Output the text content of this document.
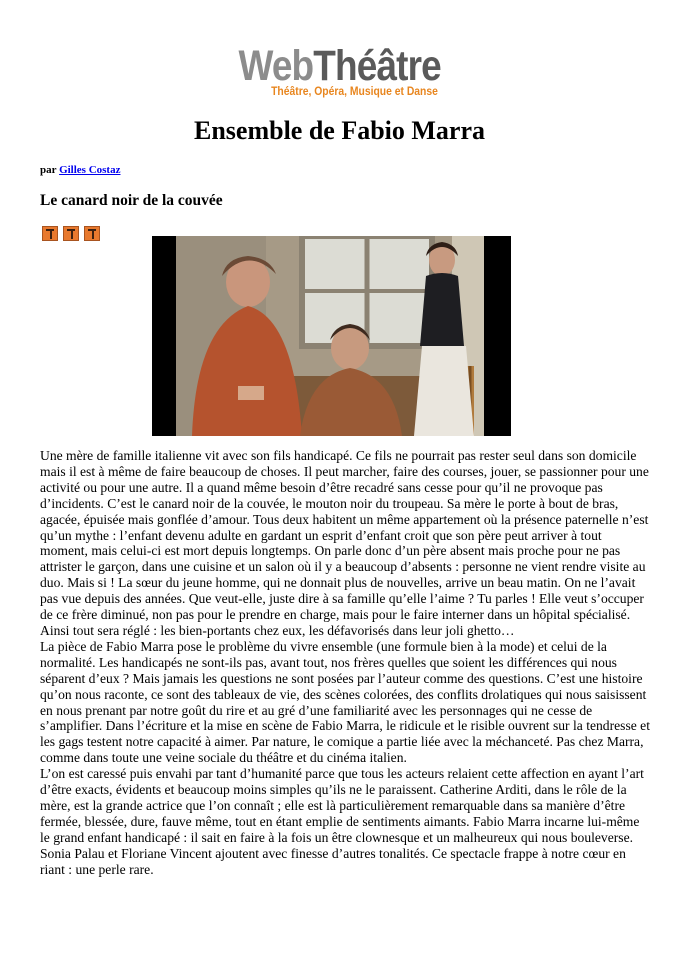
WebThéâtre
Théâtre, Opéra, Musique et Danse
Ensemble de Fabio Marra
par Gilles Costaz
Le canard noir de la couvée

Une mère de famille italienne vit avec son fils handicapé. Ce fils ne pourrait pas rester seul dans son domicile mais il est à même de faire beaucoup de choses. Il peut marcher, faire des courses, jouer, se passionner pour une activité ou pour une autre. Il a quand même besoin d’être recadré sans cesse pour qu’il ne provoque pas d’incidents. C’est le canard noir de la couvée, le mouton noir du troupeau. Sa mère le porte à bout de bras, agacée, épuisée mais gonflée d’amour. Tous deux habitent un même appartement où la présence paternelle n’est qu’un mythe : l’enfant devenu adulte en gardant un esprit d’enfant croit que son père peut arriver à tout moment, mais celui-ci est mort depuis longtemps. On parle donc d’un père absent mais proche pour ne pas attrister le garçon, dans une cuisine et un salon où il y a beaucoup d’absents : personne ne vient rendre visite au duo. Mais si ! La sœur du jeune homme, qui ne donnait plus de nouvelles, arrive un beau matin. On ne l’avait pas vue depuis des années. Que veut-elle, juste dire à sa famille qu’elle l’aime ? Tu parles ! Elle veut s’occuper de ce frère diminué, non pas pour le prendre en charge, mais pour le faire interner dans un hôpital spécialisé. Ainsi tout sera réglé : les bien-portants chez eux, les défavorisés dans leur joli ghetto…

La pièce de Fabio Marra pose le problème du vivre ensemble (une formule bien à la mode) et celui de la normalité. Les handicapés ne sont-ils pas, avant tout, nos frères quelles que soient les différences qui nous séparent d’eux ? Mais jamais les questions ne sont posées par l’auteur comme des questions. C’est une histoire qu’on nous raconte, ce sont des tableaux de vie, des scènes colorées, des conflits drolatiques qui nous saisissent en nous prenant par notre goût du rire et au gré d’une familiarité avec les personnages qui ne cesse de s’amplifier. Dans l’écriture et la mise en scène de Fabio Marra, le ridicule et le risible ouvrent sur la tendresse et les gags testent notre capacité à aimer. Par nature, le comique a partie liée avec la méchanceté. Pas chez Marra, comme dans toute une veine sociale du théâtre et du cinéma italien.

L’on est caressé puis envahi par tant d’humanité parce que tous les acteurs relaient cette affection en ayant l’art d’être exacts, évidents et beaucoup moins simples qu’ils ne le paraissent. Catherine Arditi, dans le rôle de la mère, est la grande actrice que l’on connaît ; elle est là particulièrement remarquable dans sa manière d’être fermée, blessée, dure, fauve même, tout en étant emplie de sentiments aimants. Fabio Marra incarne lui-même le grand enfant handicapé : il sait en faire à la fois un être clownesque et un malheureux qui nous bouleverse. Sonia Palau et Floriane Vincent ajoutent avec finesse d’autres tonalités. Ce spectacle frappe à notre cœur en riant : une perle rare.
